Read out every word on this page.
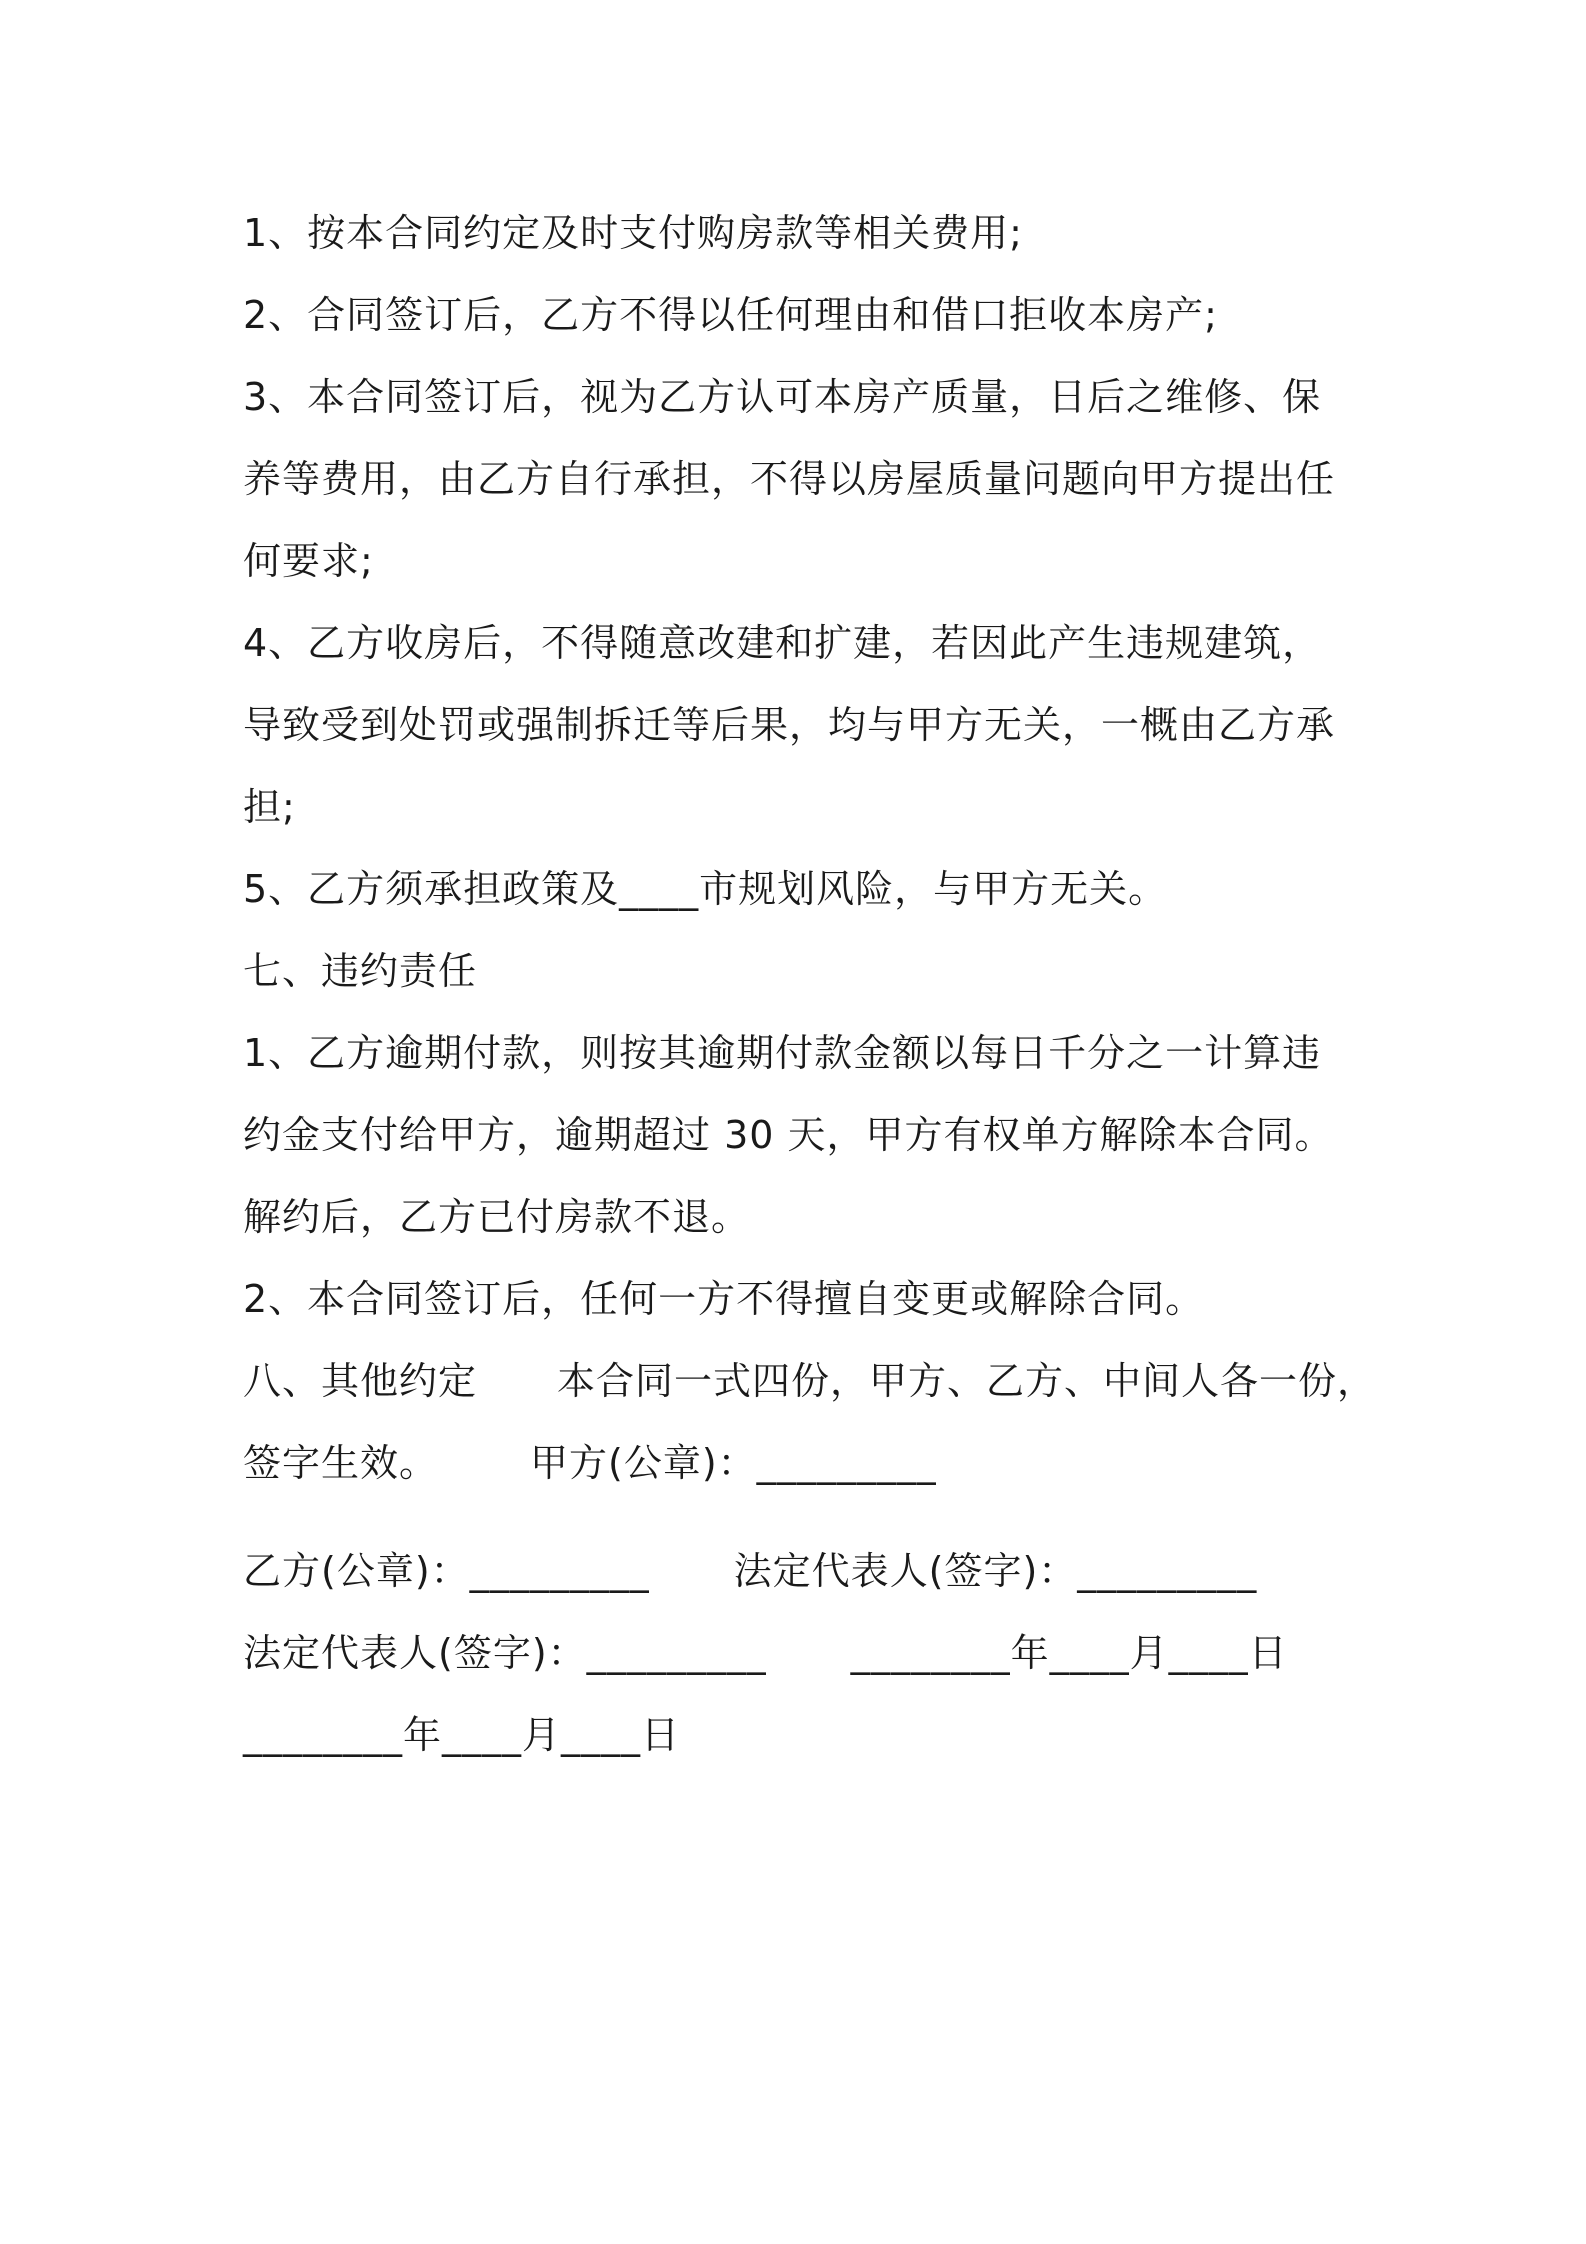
1、按本合同约定及时支付购房款等相关费用;
2、合同签订后，乙方不得以任何理由和借口拒收本房产;
3、本合同签订后，视为乙方认可本房产质量，日后之维修、保
养等费用，由乙方自行承担，不得以房屋质量问题向甲方提出任
何要求;
4、乙方收房后，不得随意改建和扩建，若因此产生违规建筑，
导致受到处罚或强制拆迁等后果，均与甲方无关，一概由乙方承
担;
5、乙方须承担政策及____市规划风险，与甲方无关。
七、违约责任
1、乙方逾期付款，则按其逾期付款金额以每日千分之一计算违
约金支付给甲方，逾期超过 30 天，甲方有权单方解除本合同。
解约后，乙方已付房款不退。
2、本合同签订后，任何一方不得擅自变更或解除合同。
八、其他约定 本合同一式四份，甲方、乙方、中间人各一份，
签字生效。 甲方(公章)：_________
乙方(公章)：_________ 法定代表人(签字)：_________
法定代表人(签字)：_________ ________年____月____日
________年____月____日
